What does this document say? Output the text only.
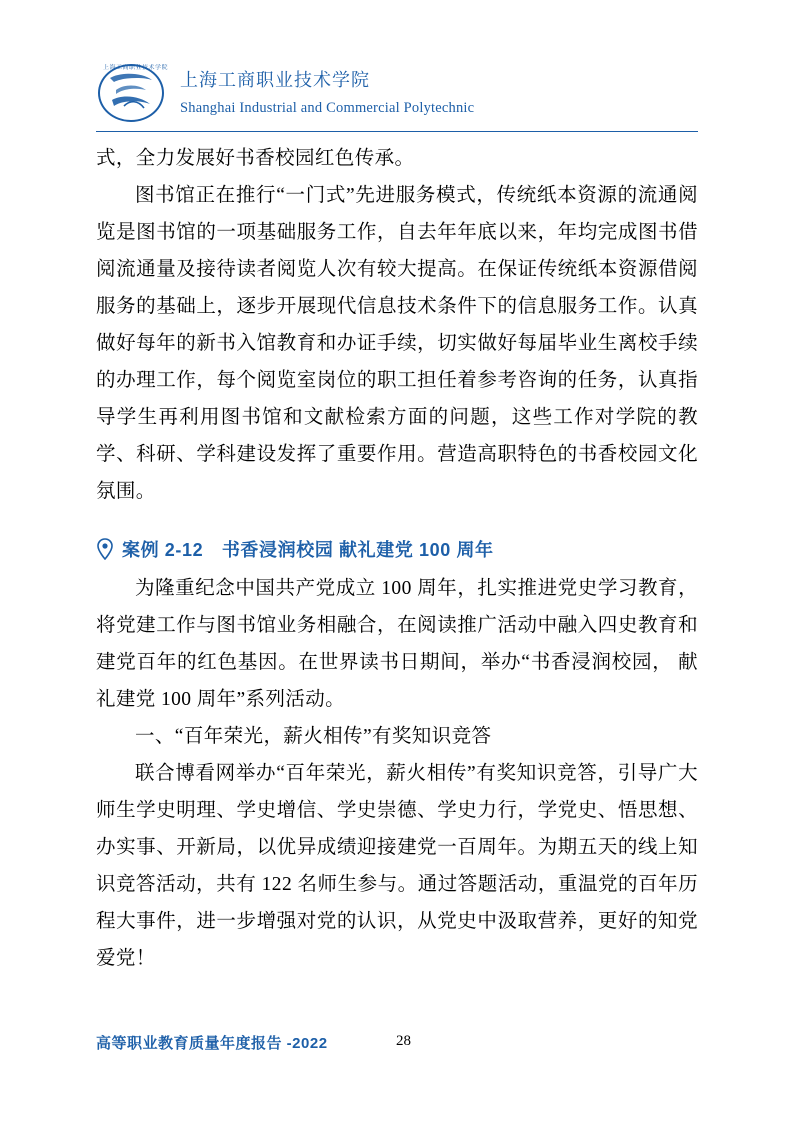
上海工商职业技术学院
上海工商职业技术学院
Shanghai Industrial and Commercial Polytechnic

式，全力发展好书香校园红色传承。

图书馆正在推行“一门式”先进服务模式，传统纸本资源的流通阅览是图书馆的一项基础服务工作，自去年年底以来，年均完成图书借阅流通量及接待读者阅览人次有较大提高。在保证传统纸本资源借阅服务的基础上，逐步开展现代信息技术条件下的信息服务工作。认真做好每年的新书入馆教育和办证手续，切实做好每届毕业生离校手续的办理工作，每个阅览室岗位的职工担任着参考咨询的任务，认真指导学生再利用图书馆和文献检索方面的问题，这些工作对学院的教学、科研、学科建设发挥了重要作用。营造高职特色的书香校园文化氛围。

案例 2-12　书香浸润校园 献礼建党 100 周年

为隆重纪念中国共产党成立 100 周年，扎实推进党史学习教育，将党建工作与图书馆业务相融合，在阅读推广活动中融入四史教育和建党百年的红色基因。在世界读书日期间，举办“书香浸润校园， 献礼建党 100 周年”系列活动。

一、“百年荣光，薪火相传”有奖知识竞答

联合博看网举办“百年荣光，薪火相传”有奖知识竞答，引导广大师生学史明理、学史增信、学史崇德、学史力行，学党史、悟思想、办实事、开新局，以优异成绩迎接建党一百周年。为期五天的线上知识竞答活动，共有 122 名师生参与。通过答题活动，重温党的百年历程大事件，进一步增强对党的认识，从党史中汲取营养，更好的知党爱党！

高等职业教育质量年度报告 -2022	28
